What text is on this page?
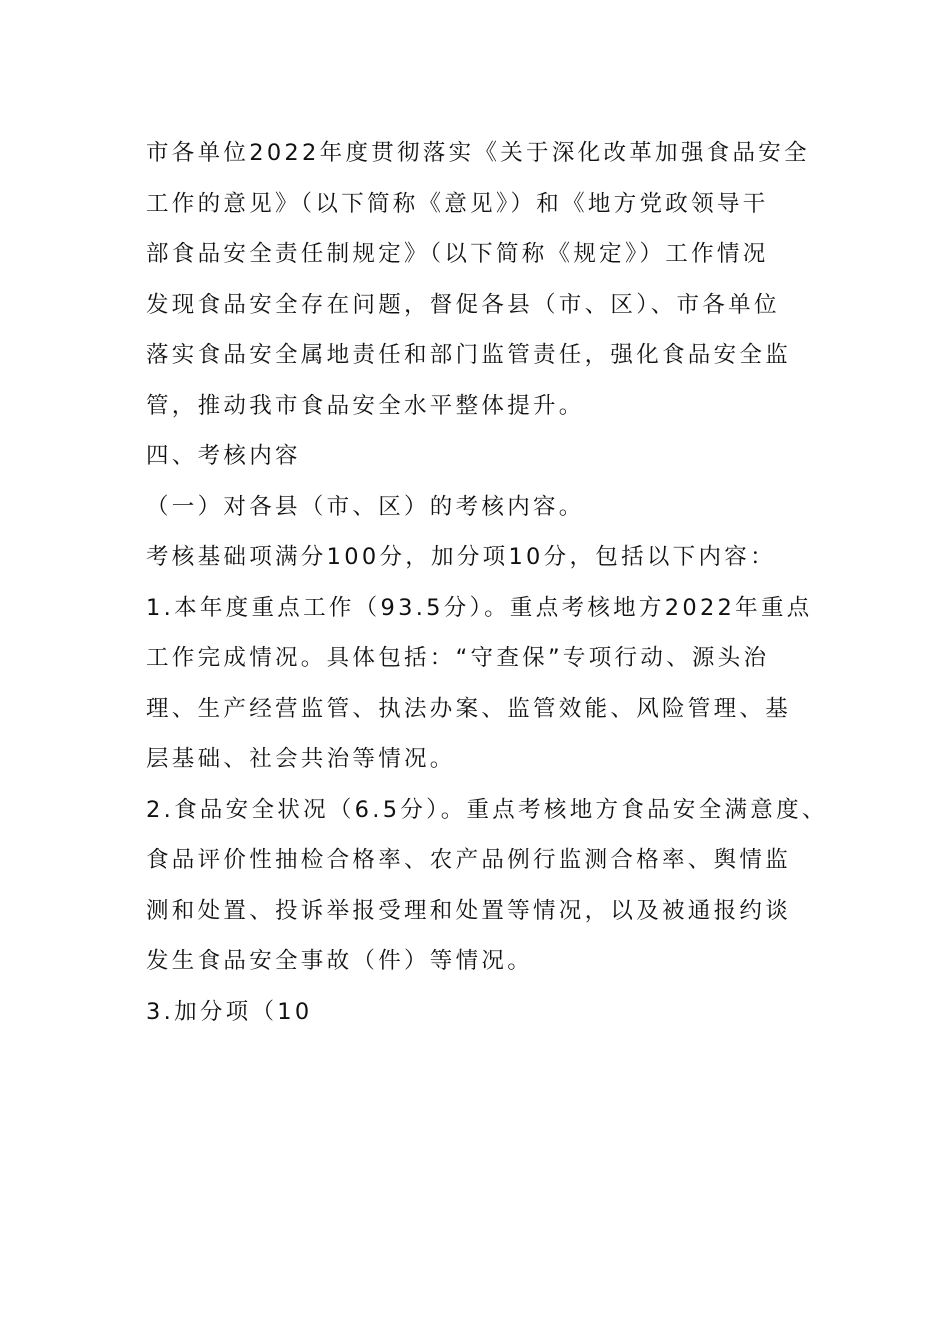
市各单位2022年度贯彻落实《关于深化改革加强食品安全
工作的意见》（以下简称《意见》）和《地方党政领导干
部食品安全责任制规定》（以下简称《规定》）工作情况
发现食品安全存在问题，督促各县（市、区）、市各单位
落实食品安全属地责任和部门监管责任，强化食品安全监
管，推动我市食品安全水平整体提升。
四、考核内容
（一）对各县（市、区）的考核内容。
考核基础项满分100分，加分项10分，包括以下内容：
1.本年度重点工作（93.5分）。重点考核地方2022年重点
工作完成情况。具体包括：“守查保”专项行动、源头治
理、生产经营监管、执法办案、监管效能、风险管理、基
层基础、社会共治等情况。
2.食品安全状况（6.5分）。重点考核地方食品安全满意度、
食品评价性抽检合格率、农产品例行监测合格率、舆情监
测和处置、投诉举报受理和处置等情况，以及被通报约谈
发生食品安全事故（件）等情况。
3.加分项（10
